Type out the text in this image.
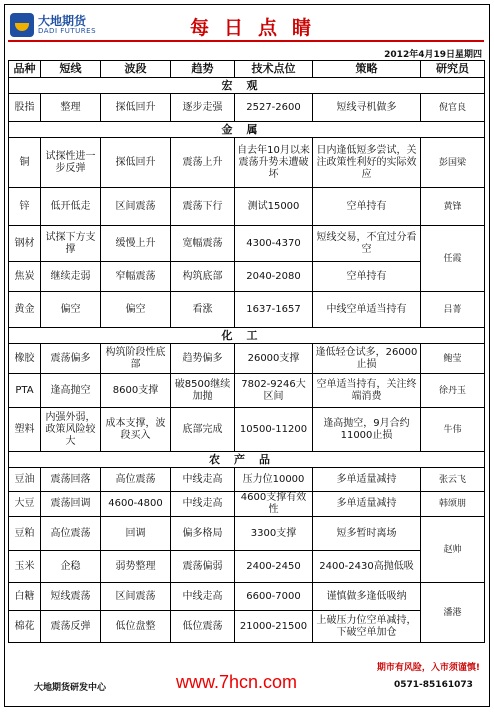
大地期货
DADI FUTURES	每日点睛
2012年4月19日星期四
品种	短线	波段	趋势	技术点位	策略	研究员
宏观						
股指	整理	探低回升	逐步走强	2527-2600	短线寻机做多	倪官良
金属						
铜	试探性进一步反弹	探低回升	震荡上升	自去年10月以来震荡升势未遭破坏	日内逢低短多尝试，关注政策性利好的实际效应	彭国梁
锌	低开低走	区间震荡	震荡下行	测试15000	空单持有	黄锋
钢材	试探下方支撑	缓慢上升	宽幅震荡	4300-4370	短线交易，不宜过分看空	任霞
焦炭	继续走弱	窄幅震荡	构筑底部	2040-2080	空单持有	
黄金	偏空	偏空	看涨	1637-1657	中线空单适当持有	吕菁
化工						
橡胶	震荡偏多	构筑阶段性底部	趋势偏多	26000支撑	逢低轻仓试多，26000止损	鲍莹
PTA	逢高抛空	8600支撑	破8500继续加抛	7802-9246大区间	空单适当持有，关注终端消费	徐丹玉
塑料	内强外弱，政策风险较大	成本支撑，波段买入	底部完成	10500-11200	逢高抛空，9月合约11000止损	牛伟
农产品						
豆油	震荡回落	高位震荡	中线走高	压力位10000	多单适量减持	张云飞
大豆	震荡回调	4600-4800	中线走高	4600支撑有效性	多单适量减持	韩颂朋
豆粕	高位震荡	回调	偏多格局	3300支撑	短多暂时离场	赵帅
玉米	企稳	弱势整理	震荡偏弱	2400-2450	2400-2430高抛低吸	
白糖	短线震荡	区间震荡	中线走高	6600-7000	谨慎做多逢低吸纳	潘港
棉花	震荡反弹	低位盘整	低位震荡	21000-21500	上破压力位空单减持，下破空单加仓	
期市有风险，入市须谨慎!
大地期货研发中心	www.7hcn.com	0571-85161073
